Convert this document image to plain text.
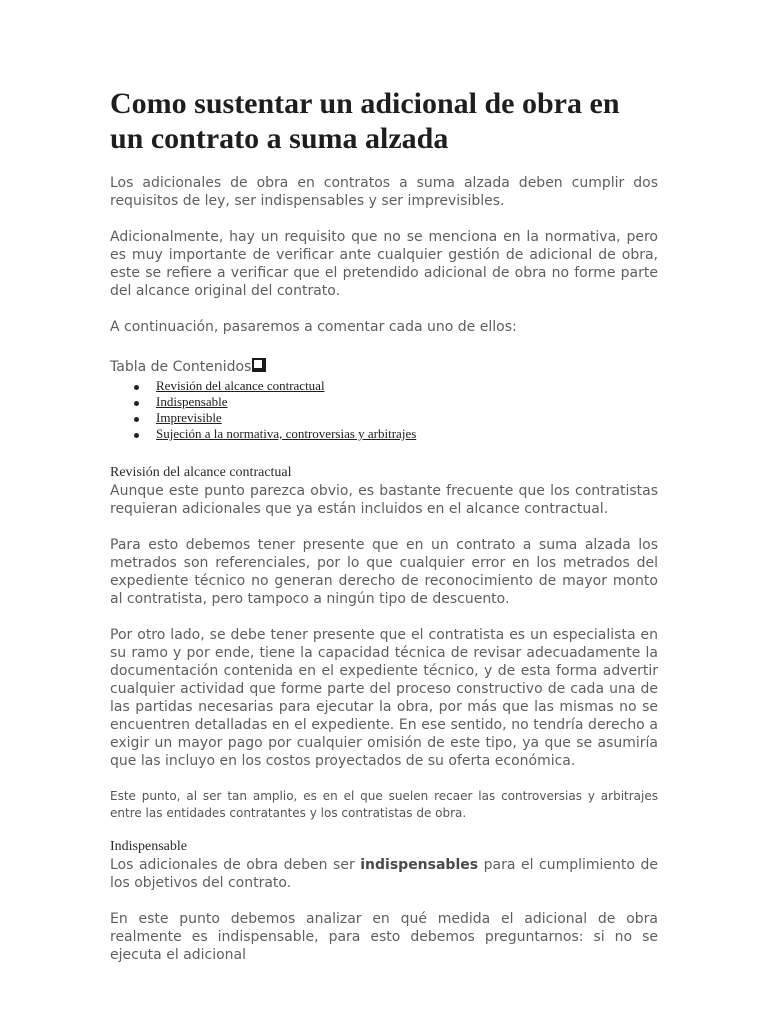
Como sustentar un adicional de obra en un contrato a suma alzada

Los adicionales de obra en contratos a suma alzada deben cumplir dos requisitos de ley, ser indispensables y ser imprevisibles.

Adicionalmente, hay un requisito que no se menciona en la normativa, pero es muy importante de verificar ante cualquier gestión de adicional de obra, este se refiere a verificar que el pretendido adicional de obra no forme parte del alcance original del contrato.

A continuación, pasaremos a comentar cada uno de ellos:

Tabla de Contenidos
Revisión del alcance contractual
Indispensable
Imprevisible
Sujeción a la normativa, controversias y arbitrajes
Revisión del alcance contractual

Aunque este punto parezca obvio, es bastante frecuente que los contratistas requieran adicionales que ya están incluidos en el alcance contractual.

Para esto debemos tener presente que en un contrato a suma alzada los metrados son referenciales, por lo que cualquier error en los metrados del expediente técnico no generan derecho de reconocimiento de mayor monto al contratista, pero tampoco a ningún tipo de descuento.

Por otro lado, se debe tener presente que el contratista es un especialista en su ramo y por ende, tiene la capacidad técnica de revisar adecuadamente la documentación contenida en el expediente técnico, y de esta forma advertir cualquier actividad que forme parte del proceso constructivo de cada una de las partidas necesarias para ejecutar la obra, por más que las mismas no se encuentren detalladas en el expediente. En ese sentido, no tendría derecho a exigir un mayor pago por cualquier omisión de este tipo, ya que se asumiría que las incluyo en los costos proyectados de su oferta económica.

Este punto, al ser tan amplio, es en el que suelen recaer las controversias y arbitrajes entre las entidades contratantes y los contratistas de obra.

Indispensable

Los adicionales de obra deben ser indispensables para el cumplimiento de los objetivos del contrato.

En este punto debemos analizar en qué medida el adicional de obra realmente es indispensable, para esto debemos preguntarnos: si no se ejecuta el adicional
